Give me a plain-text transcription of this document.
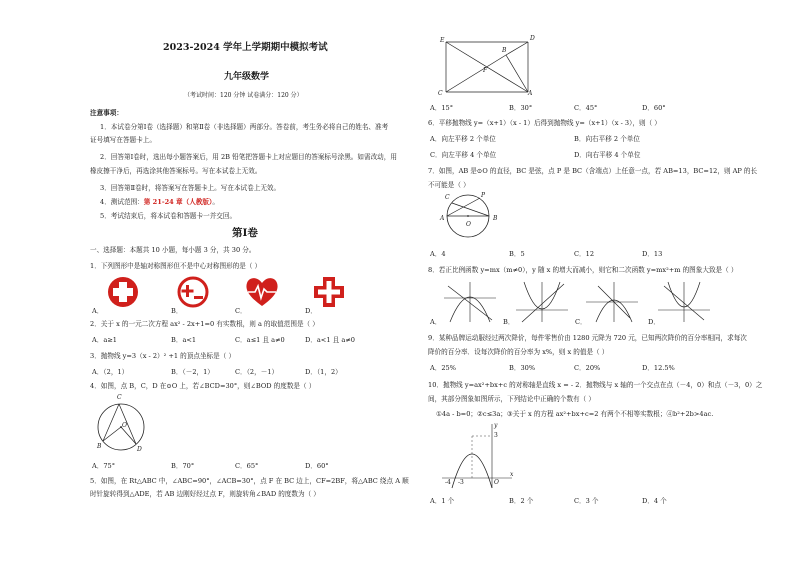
2023-2024 学年上学期期中模拟考试
九年级数学
（考试时间：120 分钟 试卷满分：120 分）
注意事项：
1．本试卷分第Ⅰ卷（选择题）和第Ⅱ卷（非选择题）两部分。答卷前，考生务必将自己的姓名、准考
证号填写在答题卡上。
2．回答第Ⅰ卷时，选出每小题答案后，用 2B 铅笔把答题卡上对应题目的答案标号涂黑。如需改动，用
橡皮擦干净后，再选涂其他答案标号。写在本试卷上无效。
3．回答第Ⅱ卷时，将答案写在答题卡上。写在本试卷上无效。
4．测试范围：第 21-24 章（人教版）。
5．考试结束后，将本试卷和答题卡一并交回。
第Ⅰ卷
一、选择题：本题共 10 小题，每小题 3 分，共 30 分。
1．下列图形中是轴对称图形但不是中心对称图形的是（ ）
A．	B．	C．	D．
2．关于 x 的一元二次方程 ax² - 2x+1=0 有实数根，则 a 的取值范围是（ ）
A．a≥1	B．a<1	C．a≤1 且 a≠0	D．a<1 且 a≠0
3．抛物线 y=3（x - 2）² +1 的顶点坐标是（ ）
A．（2，1）	B．（－2，1）	C．（2，－1）	D．（1，2）
4．如图，点 B，C，D 在⊙O 上，若∠BCD=30°，则∠BOD 的度数是（ ）
C
O
B	D
A．75°	B．70°	C．65°	D．60°
5．如图，在 Rt△ABC 中，∠ABC=90°，∠ACB=30°，点 F 在 BC 边上，CF=2BF，将△ABC 绕点 A 顺
时针旋转得到△ADE，若 AB 边刚好经过点 F，则旋转角∠BAD 的度数为（ ）
E	D
B
F
C	A
A．15°	B．30°	C．45°	D．60°
6．平移抛物线 y=（x+1）（x - 1）后得到抛物线 y=（x+1）（x - 3），则（ ）
A．向左平移 2 个单位	B．向右平移 2 个单位
C．向左平移 4 个单位	D．向右平移 4 个单位
7．如图，AB 是⊙O 的直径，BC 是弦，点 P 是 BC（含端点）上任意一点，若 AB=13，BC=12，则 AP 的长
不可能是（ ）
C	P
A	B
O
A．4	B．5	C．12	D．13
8．若正比例函数 y=mx（m≠0），y 随 x 的增大而减小，则它和二次函数 y=mx²+m 的图象大致是（ ）
A．	B．	C．	D．
9．某种品牌运动服经过两次降价，每件零售价由 1280 元降为 720 元，已知两次降价的百分率相同，求每次
降价的百分率．设每次降价的百分率为 x%，则 x 的值是（ ）
A．25%	B．30%	C．20%	D．12.5%
10．抛物线 y=ax²+bx+c 的对称轴是直线 x = - 2．抛物线与 x 轴的一个交点在点（－4，0）和点（－3，0）之
间，其部分图象如图所示，下列结论中正确的个数有（ ）
①4a - b=0；②c≤3a；③关于 x 的方程 ax²+bx+c=2 有两个不相等实数根；④b²+2b>4ac.
y
3
-4 -3	O
x
A．1 个	B．2 个	C．3 个	D．4 个
